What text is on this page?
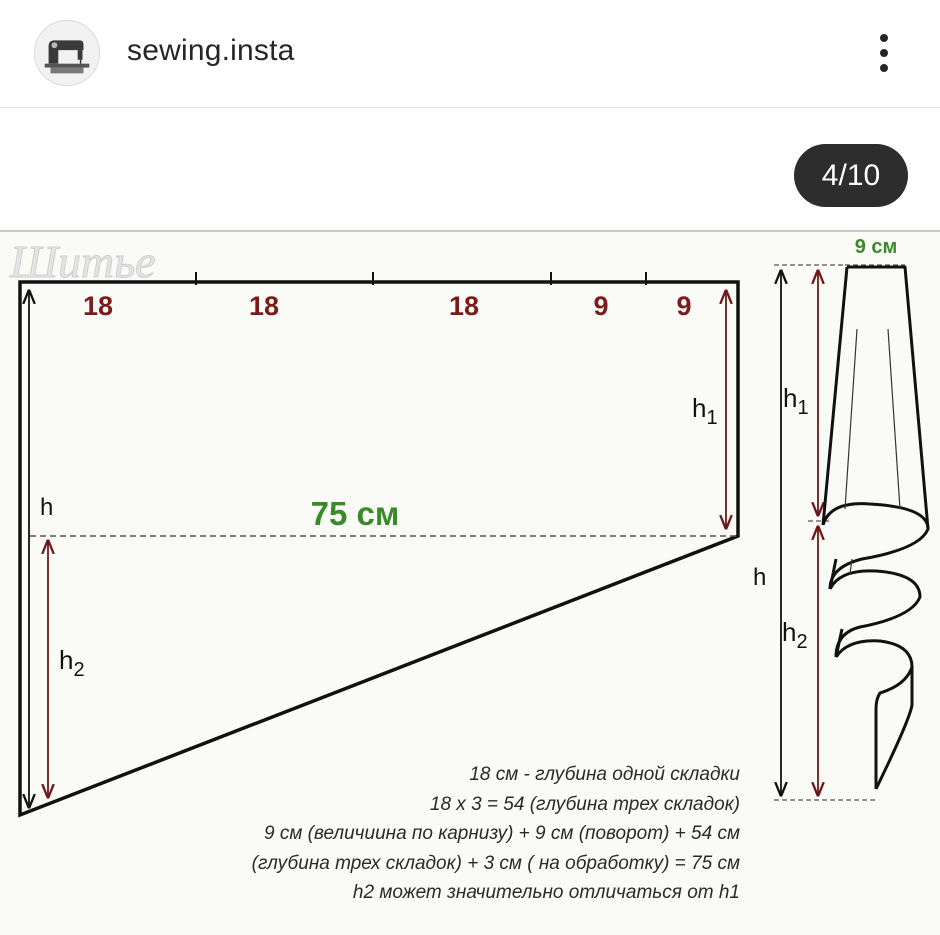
sewing.insta
4/10
Шитье
18	18	18	9	9
h
$h_2$
$h_1$
75 см
9 см
h
$h_1$
$h_2$
18 см - глубина одной складки
18 х 3 = 54 (глубина трех складок)
9 см (величиина по карнизу) + 9 см (поворот) + 54 см
(глубина трех складок) + 3 см ( на обработку) = 75 см
h2 может значительно отличаться от h1
